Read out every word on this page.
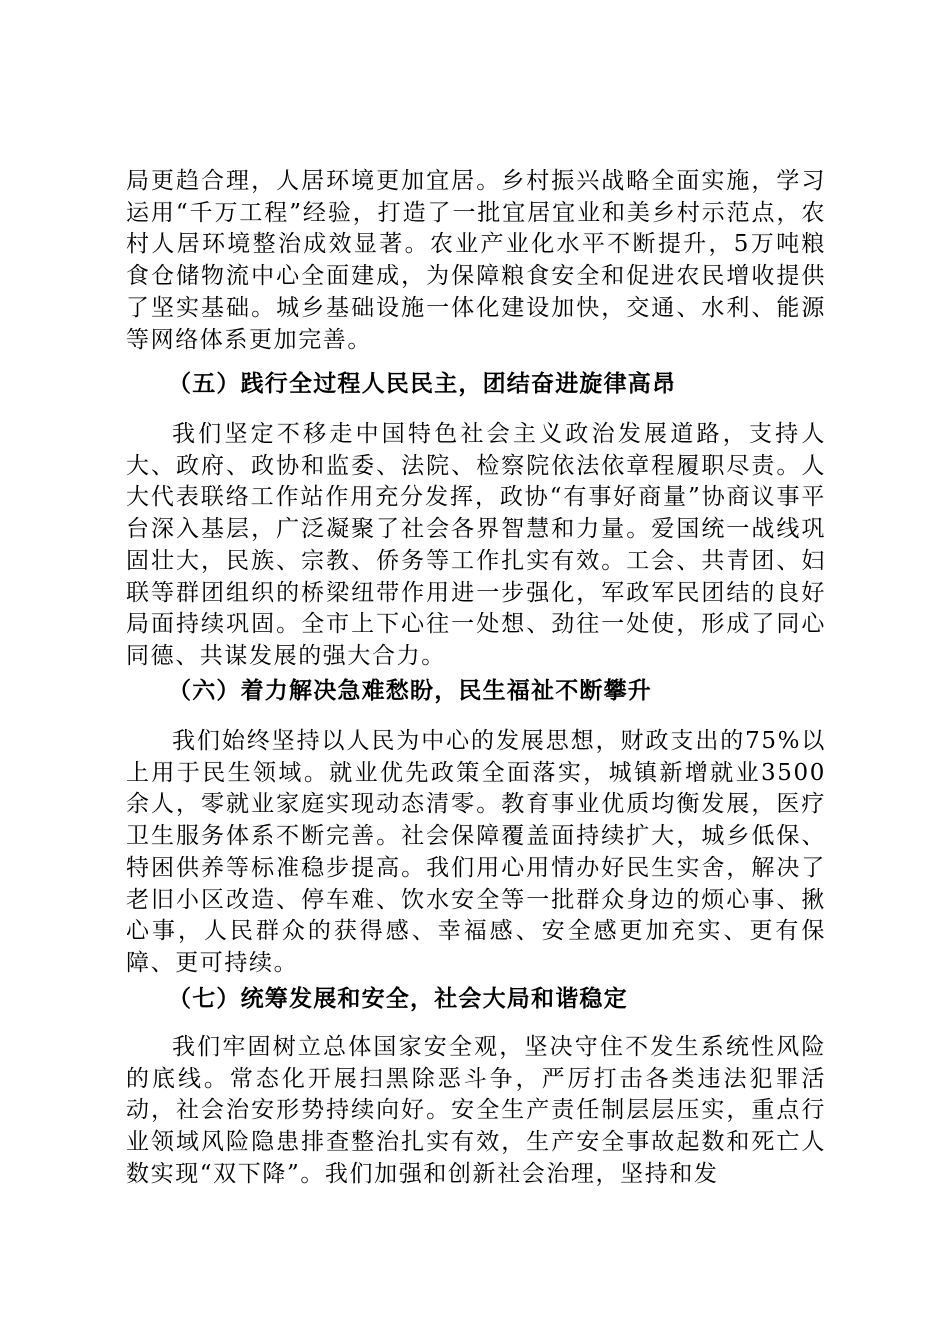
局更趋合理，人居环境更加宜居。乡村振兴战略全面实施，学习运用“千万工程”经验，打造了一批宜居宜业和美乡村示范点，农村人居环境整治成效显著。农业产业化水平不断提升，5万吨粮食仓储物流中心全面建成，为保障粮食安全和促进农民增收提供了坚实基础。城乡基础设施一体化建设加快，交通、水利、能源等网络体系更加完善。

（五）践行全过程人民民主，团结奋进旋律高昂

我们坚定不移走中国特色社会主义政治发展道路，支持人大、政府、政协和监委、法院、检察院依法依章程履职尽责。人大代表联络工作站作用充分发挥，政协“有事好商量”协商议事平台深入基层，广泛凝聚了社会各界智慧和力量。爱国统一战线巩固壮大，民族、宗教、侨务等工作扎实有效。工会、共青团、妇联等群团组织的桥梁纽带作用进一步强化，军政军民团结的良好局面持续巩固。全市上下心往一处想、劲往一处使，形成了同心同德、共谋发展的强大合力。

（六）着力解决急难愁盼，民生福祉不断攀升

我们始终坚持以人民为中心的发展思想，财政支出的75%以上用于民生领域。就业优先政策全面落实，城镇新增就业3500余人，零就业家庭实现动态清零。教育事业优质均衡发展，医疗卫生服务体系不断完善。社会保障覆盖面持续扩大，城乡低保、特困供养等标准稳步提高。我们用心用情办好民生实舍，解决了老旧小区改造、停车难、饮水安全等一批群众身边的烦心事、揪心事，人民群众的获得感、幸福感、安全感更加充实、更有保障、更可持续。

（七）统筹发展和安全，社会大局和谐稳定

我们牢固树立总体国家安全观，坚决守住不发生系统性风险的底线。常态化开展扫黑除恶斗争，严厉打击各类违法犯罪活动，社会治安形势持续向好。安全生产责任制层层压实，重点行业领域风险隐患排查整治扎实有效，生产安全事故起数和死亡人数实现“双下降”。我们加强和创新社会治理，坚持和发
